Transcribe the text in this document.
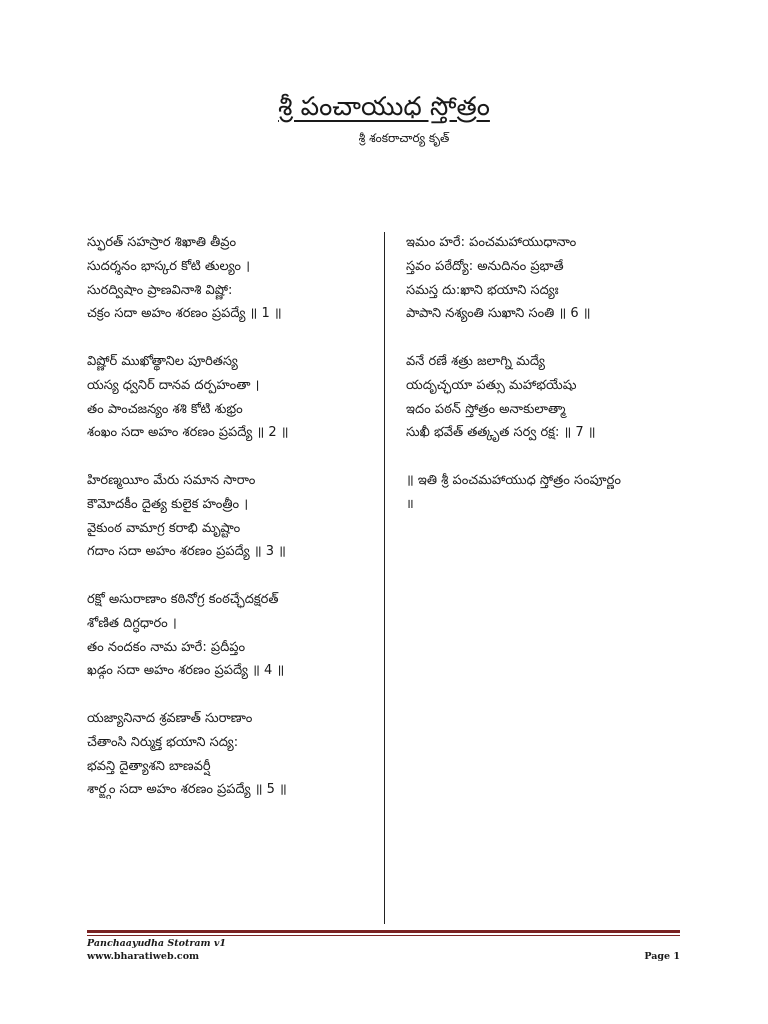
శ్రీ పంచాయుధ స్తోత్రం
శ్రీ శంకరాచార్య కృత్
స్ఫురత్ సహస్రార శిఖాతి తీవ్రం
సుదర్శనం భాస్కర కోటి తుల్యం ।
సురద్విషాం ప్రాణవినాశి విష్ణో:
చక్రం సదా అహం శరణం ప్రపద్యే ॥ 1 ॥
విష్ణోర్ ముఖోత్థానిల పూరితస్య
యస్య ధ్వనిర్ దానవ దర్పహంతా ।
తం పాంచజన్యం శశి కోటి శుభ్రం
శంఖం సదా అహం శరణం ప్రపద్యే ॥ 2 ॥
హిరణ్మయీం మేరు సమాన సారాం
కౌమోదకీం దైత్య కులైక హంత్రీం ।
వైకుంఠ వామాగ్ర కరాభి మృష్టాం
గదాం సదా అహం శరణం ప్రపద్యే ॥ 3 ॥
రక్షో అసురాణాం కఠినోగ్ర కంఠచ్ఛేదక్షరత్
శోణిత దిగ్ధధారం ।
తం నందకం నామ హరే: ప్రదీప్తం
ఖడ్గం సదా అహం శరణం ప్రపద్యే ॥ 4 ॥
యజ్యానినాద శ్రవణాత్ సురాణాం
చేతాంసి నిర్ముక్త భయాని సద్య:
భవన్తి దైత్యాశని బాణవర్షీ
శార్ఙ్గం సదా అహం శరణం ప్రపద్యే ॥ 5 ॥
ఇమం హరే: పంచమహాయుధానాం
స్తవం పఠేద్యో: అనుదినం ప్రభాతే
సమస్త దు:ఖాని భయాని సద్యః
పాపాని నశ్యంతి సుఖాని సంతి ॥ 6 ॥
వనే రణే శత్రు జలాగ్ని మద్యే
యదృచ్ఛయా పత్సు మహాభయేషు
ఇదం పఠన్ స్తోత్రం అనాకులాత్మా
సుఖీ భవేత్ తత్కృత సర్వ రక్ష: ॥ 7 ॥
॥ ఇతి శ్రీ పంచమహాయుధ స్తోత్రం సంపూర్ణం
॥
Panchaayudha Stotram v1
www.bharatiweb.com	Page 1
